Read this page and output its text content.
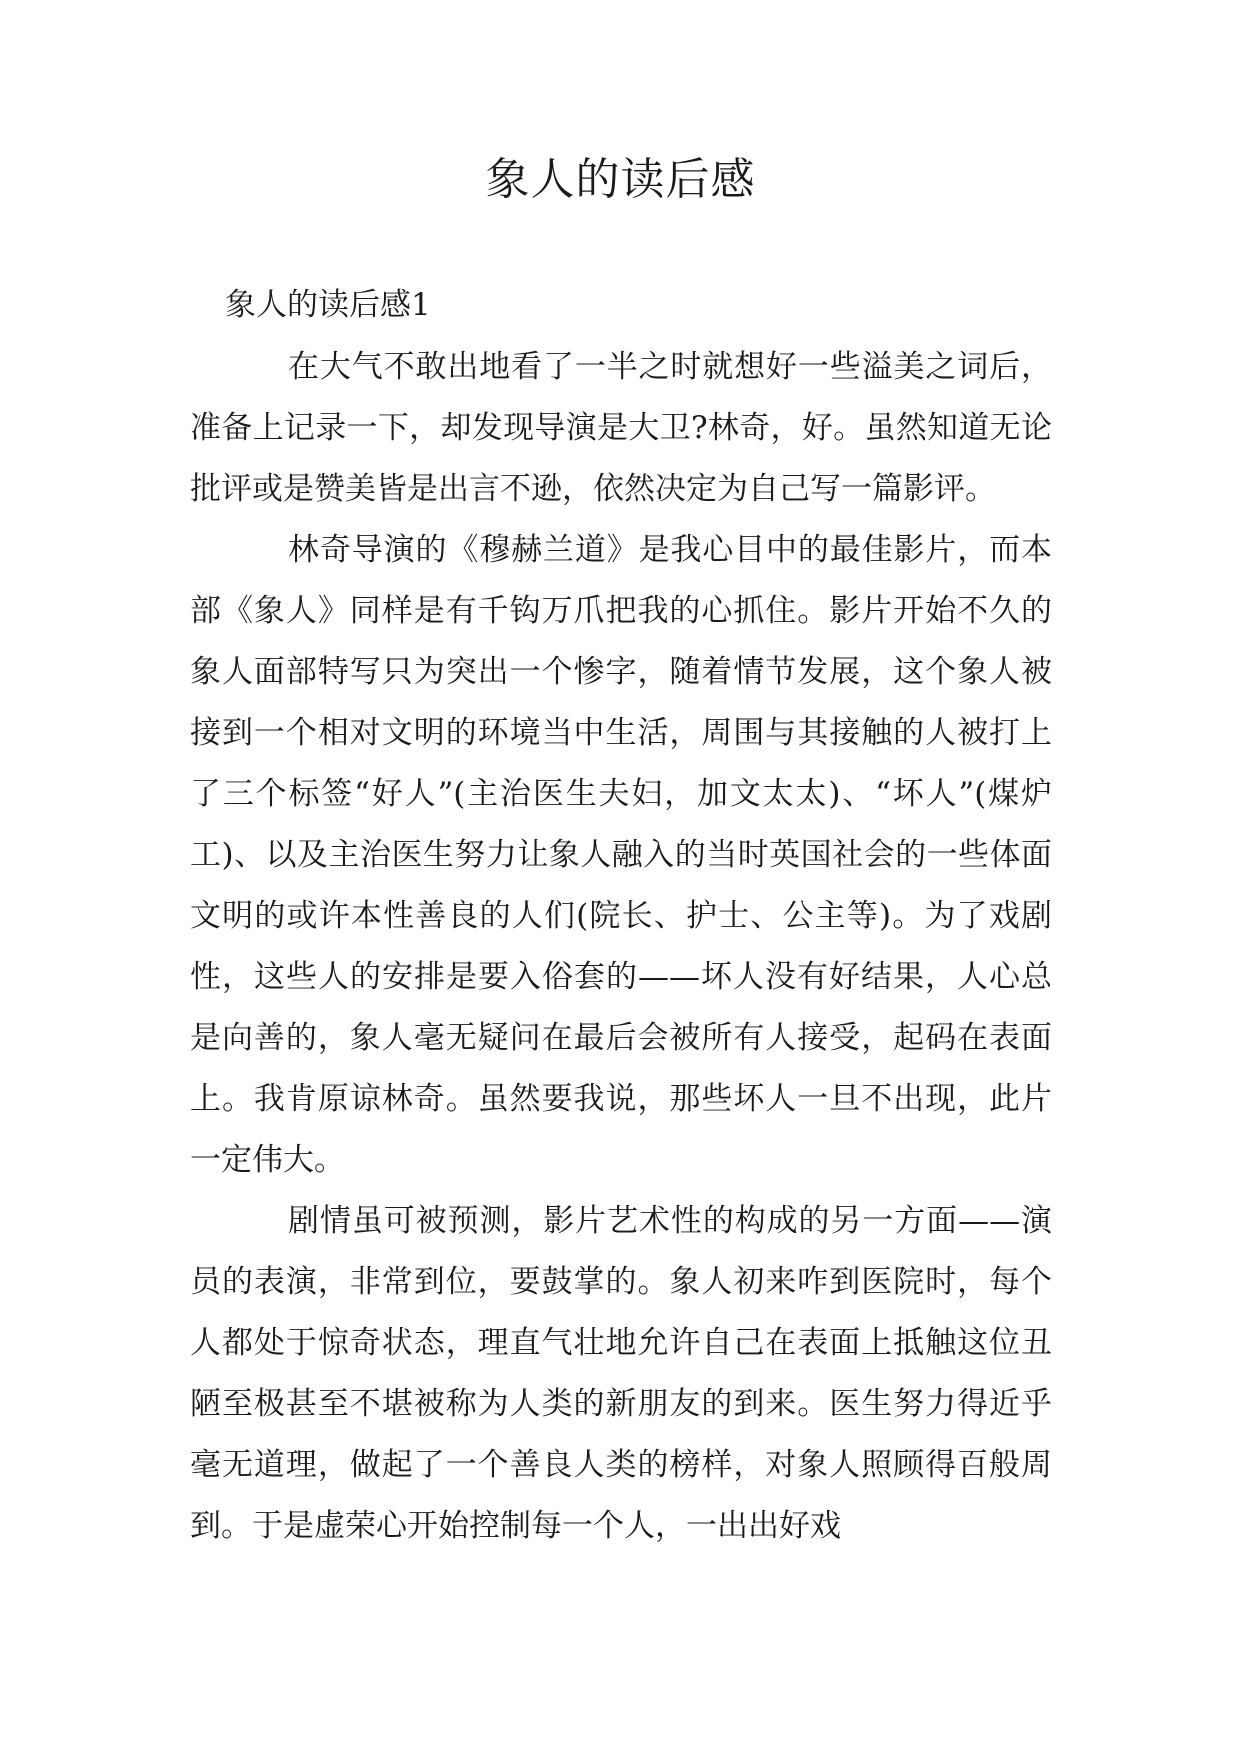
象人的读后感

象人的读后感1

在大气不敢出地看了一半之时就想好一些溢美之词后，准备上记录一下，却发现导演是大卫?林奇，好。虽然知道无论批评或是赞美皆是出言不逊，依然决定为自己写一篇影评。

林奇导演的《穆赫兰道》是我心目中的最佳影片，而本部《象人》同样是有千钩万爪把我的心抓住。影片开始不久的象人面部特写只为突出一个惨字，随着情节发展，这个象人被接到一个相对文明的环境当中生活，周围与其接触的人被打上了三个标签“好人”(主治医生夫妇，加文太太)、“坏人”(煤炉工)、以及主治医生努力让象人融入的当时英国社会的一些体面文明的或许本性善良的人们(院长、护士、公主等)。为了戏剧性，这些人的安排是要入俗套的——坏人没有好结果，人心总是向善的，象人毫无疑问在最后会被所有人接受，起码在表面上。我肯原谅林奇。虽然要我说，那些坏人一旦不出现，此片一定伟大。

剧情虽可被预测，影片艺术性的构成的另一方面——演员的表演，非常到位，要鼓掌的。象人初来咋到医院时，每个人都处于惊奇状态，理直气壮地允许自己在表面上抵触这位丑陋至极甚至不堪被称为人类的新朋友的到来。医生努力得近乎毫无道理，做起了一个善良人类的榜样，对象人照顾得百般周到。于是虚荣心开始控制每一个人，一出出好戏
